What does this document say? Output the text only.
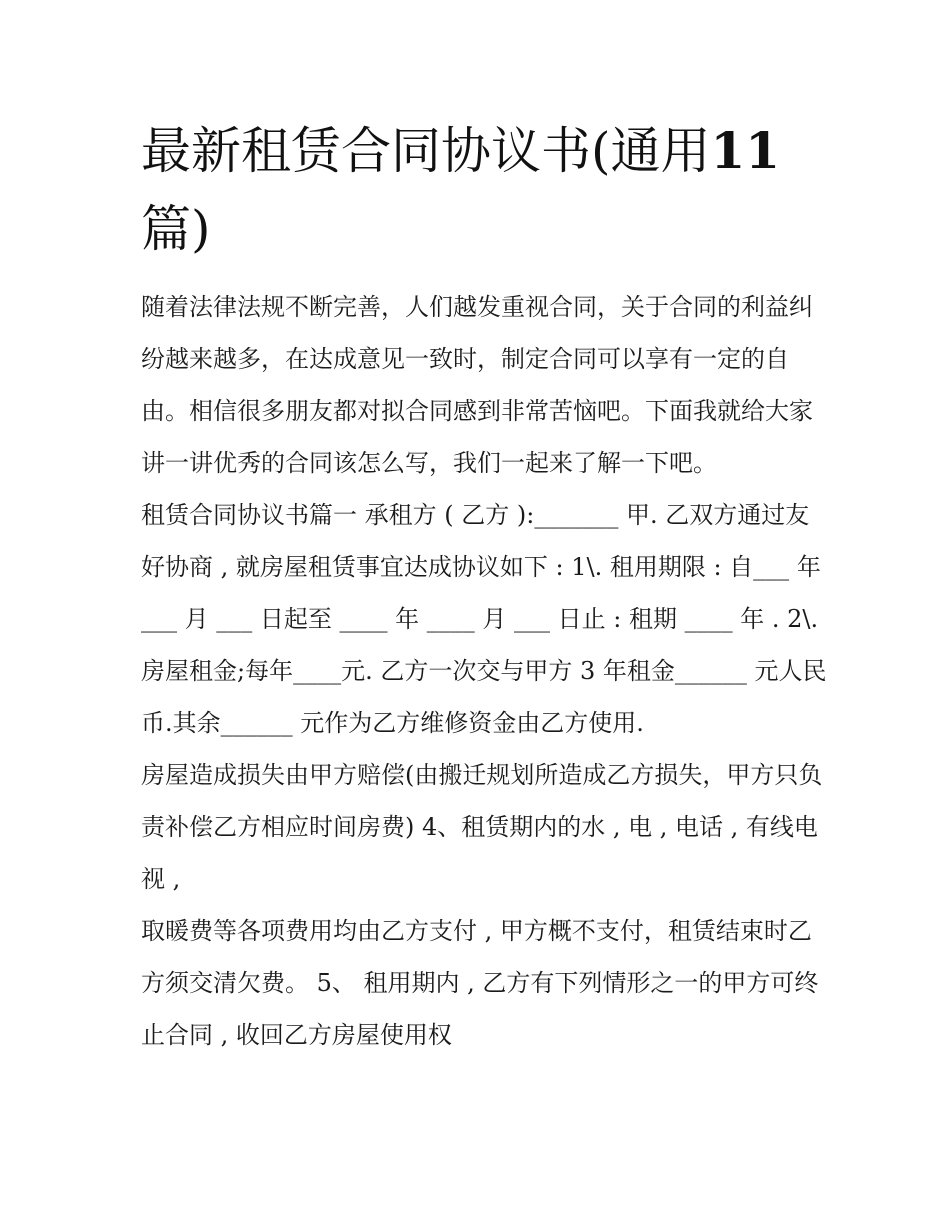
最新租赁合同协议书(通用11
篇)

随着法律法规不断完善，人们越发重视合同，关于合同的利益纠纷越来越多，在达成意见一致时，制定合同可以享有一定的自由。相信很多朋友都对拟合同感到非常苦恼吧。下面我就给大家讲一讲优秀的合同该怎么写，我们一起来了解一下吧。

租赁合同协议书篇一 承租方 ( 乙方 ):_______ 甲. 乙双方通过友好协商 , 就房屋租赁事宜达成协议如下 : 1\. 租用期限 : 自___ 年 ___ 月 ___ 日起至 ____ 年 ____ 月 ___ 日止 : 租期 ____ 年 . 2\.

房屋租金;每年____元. 乙方一次交与甲方 3 年租金______ 元人民币.其余______ 元作为乙方维修资金由乙方使用.

房屋造成损失由甲方赔偿(由搬迁规划所造成乙方损失，甲方只负责补偿乙方相应时间房费) 4、租赁期内的水 , 电 , 电话 , 有线电视 ,

取暖费等各项费用均由乙方支付 , 甲方概不支付，租赁结束时乙方须交清欠费。 5、 租用期内 , 乙方有下列情形之一的甲方可终止合同 , 收回乙方房屋使用权
